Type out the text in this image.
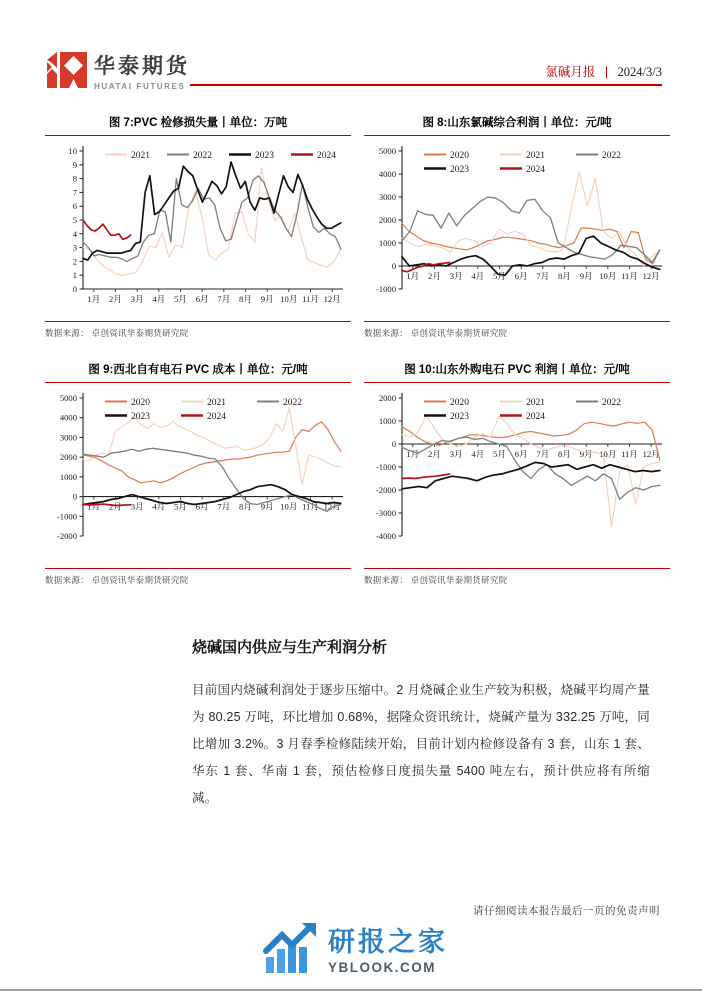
华泰期货
HUATAI FUTURES
氯碱月报 | 2024/3/3
图 7:PVC 检修损失量丨单位：万吨
0
1
2
3
4
5
6
7
8
9
10
1月 2月 3月 4月 5月 6月 7月 8月 9月 10月 11月 12月
2021	2022	2023	2024
数据来源： 卓创资讯华泰期货研究院
图 8:山东氯碱综合利润丨单位：元/吨
-1000
0
1000
2000
3000
4000
5000
1月 2月 3月 4月 5月 6月 7月 8月 9月 10月 11月 12月
2020	2021	2022
2023	2024
数据来源： 卓创资讯华泰期货研究院
图 9:西北自有电石 PVC 成本丨单位：元/吨
-2000
-1000
0
1000
2000
3000
4000
5000
1月 2月 3月 4月 5月 6月 7月 8月 9月 10月 11月 12月
2020	2021	2022
2023	2024
数据来源： 卓创资讯华泰期货研究院
图 10:山东外购电石 PVC 利润丨单位：元/吨
-4000
-3000
-2000
-1000
0
1000
2000
1月 2月 3月 4月 5月 6月 7月 8月 9月 10月 11月 12月
2020	2021	2022
2023	2024
数据来源： 卓创资讯华泰期货研究院
烧碱国内供应与生产利润分析
目前国内烧碱利润处于逐步压缩中。2 月烧碱企业生产较为积极，烧碱平均周产量为 80.25 万吨，环比增加 0.68%，据隆众资讯统计，烧碱产量为 332.25 万吨，同比增加 3.2%。3 月春季检修陆续开始，目前计划内检修设备有 3 套，山东 1 套、华东 1 套、华南 1 套，预估检修日度损失量 5400 吨左右，预计供应将有所缩减。
请仔细阅读本报告最后一页的免责声明
研报之家
YBLOOK.COM
